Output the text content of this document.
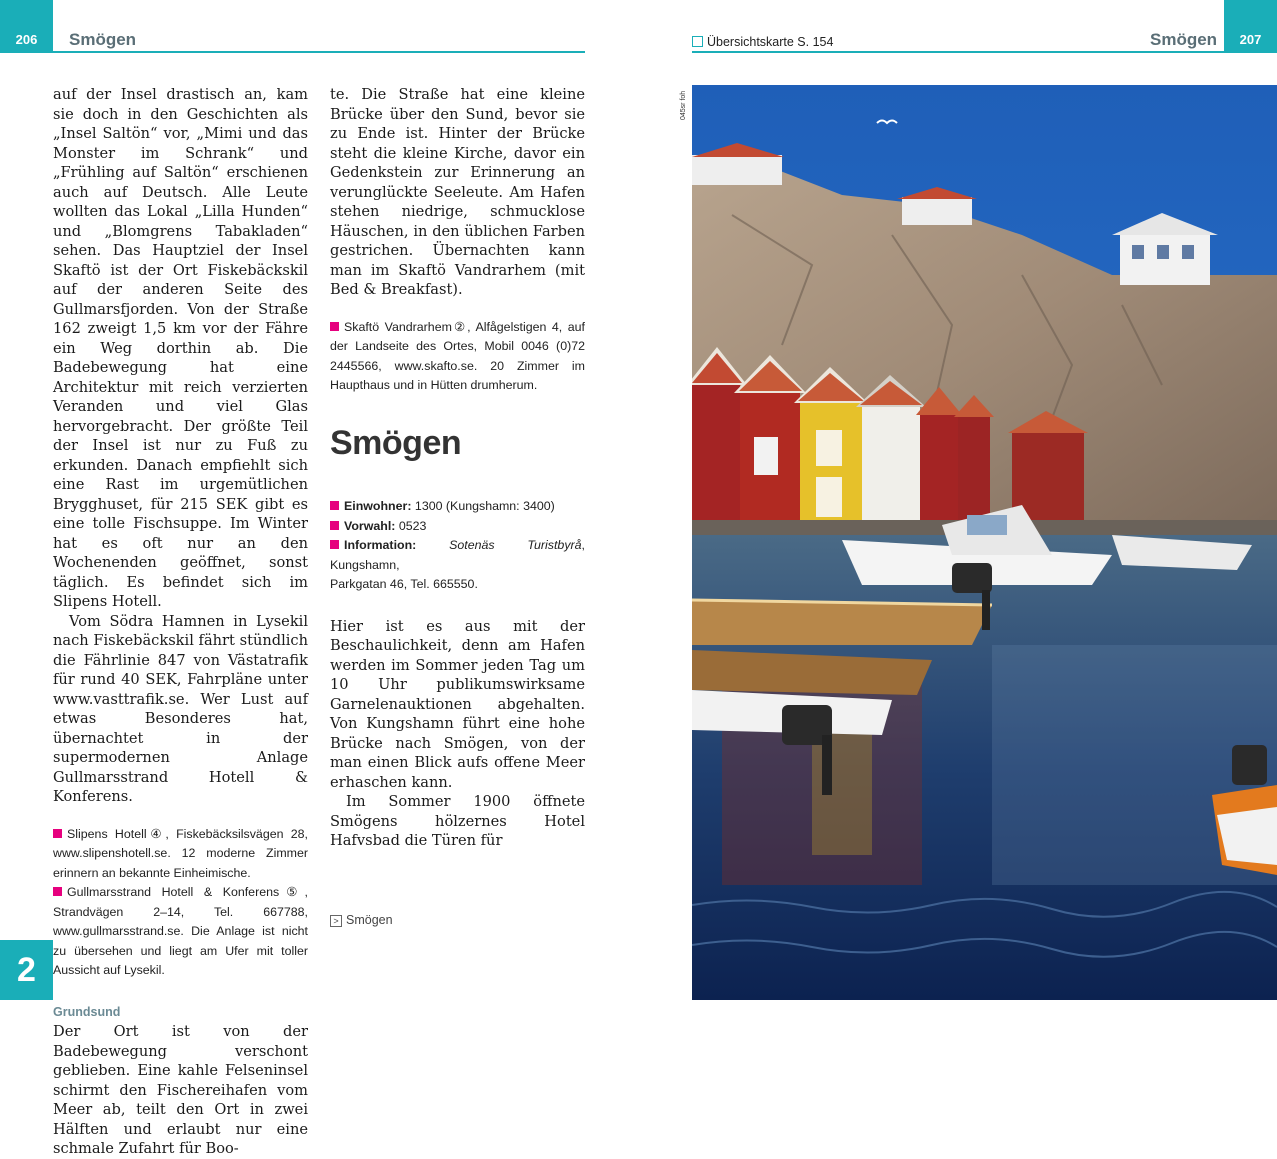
206	Smögen

auf der Insel drastisch an, kam sie doch in den Geschichten als „Insel Saltön“ vor, „Mimi und das Monster im Schrank“ und „Frühling auf Saltön“ erschienen auch auf Deutsch. Alle Leute wollten das Lokal „Lilla Hunden“ und „Blomgrens Tabakladen“ sehen. Das Hauptziel der Insel Skaftö ist der Ort Fiskebäckskil auf der anderen Seite des Gullmarsfjorden. Von der Straße 162 zweigt 1,5 km vor der Fähre ein Weg dorthin ab. Die Badebewegung hat eine Architektur mit reich verzierten Veranden und viel Glas hervorgebracht. Der größte Teil der Insel ist nur zu Fuß zu erkunden. Danach empfiehlt sich eine Rast im urgemütlichen Brygghuset, für 215 SEK gibt es eine tolle Fischsuppe. Im Winter hat es oft nur an den Wochenenden geöffnet, sonst täglich. Es befindet sich im Slipens Hotell.

Vom Södra Hamnen in Lysekil nach Fiskebäckskil fährt stündlich die Fährlinie 847 von Västatrafik für rund 40 SEK, Fahrpläne unter www.vasttrafik.se. Wer Lust auf etwas Besonderes hat, übernachtet in der supermodernen Anlage Gullmarsstrand Hotell & Konferens.

Slipens Hotell④, Fiskebäcksilsvägen 28, www.slipenshotell.se. 12 moderne Zimmer erinnern an bekannte Einheimische.

Gullmarsstrand Hotell & Konferens⑤, Strandvägen 2–14, Tel. 667788, www.gullmarsstrand.se. Die Anlage ist nicht zu übersehen und liegt am Ufer mit toller Aussicht auf Lysekil.

Grundsund

Der Ort ist von der Badebewegung verschont geblieben. Eine kahle Felseninsel schirmt den Fischereihafen vom Meer ab, teilt den Ort in zwei Hälften und erlaubt nur eine schmale Zufahrt für Boo-

te. Die Straße hat eine kleine Brücke über den Sund, bevor sie zu Ende ist. Hinter der Brücke steht die kleine Kirche, davor ein Gedenkstein zur Erinnerung an verunglückte Seeleute. Am Hafen stehen niedrige, schmucklose Häuschen, in den üblichen Farben gestrichen. Übernachten kann man im Skaftö Vandrarhem (mit Bed & Breakfast).

Skaftö Vandrarhem②, Alfågelstigen 4, auf der Landseite des Ortes, Mobil 0046 (0)72 2445566, www.skafto.se. 20 Zimmer im Haupthaus und in Hütten drumherum.

Smögen

Einwohner: 1300 (Kungshamn: 3400)

Vorwahl: 0523

Information:	Sotenäs Turistbyrå, Kungshamn,
Parkgatan 46, Tel. 665550.

Hier ist es aus mit der Beschaulichkeit, denn am Hafen werden im Sommer jeden Tag um 10 Uhr publikumswirksame Garnelenauktionen abgehalten. Von Kungshamn führt eine hohe Brücke nach Smögen, von der man einen Blick aufs offene Meer erhaschen kann.

Im Sommer 1900 öffnete Smögens hölzernes Hotel Hafvsbad die Türen für

> Smögen
2
Übersichtskarte S. 154	Smögen	207
045sr foh
